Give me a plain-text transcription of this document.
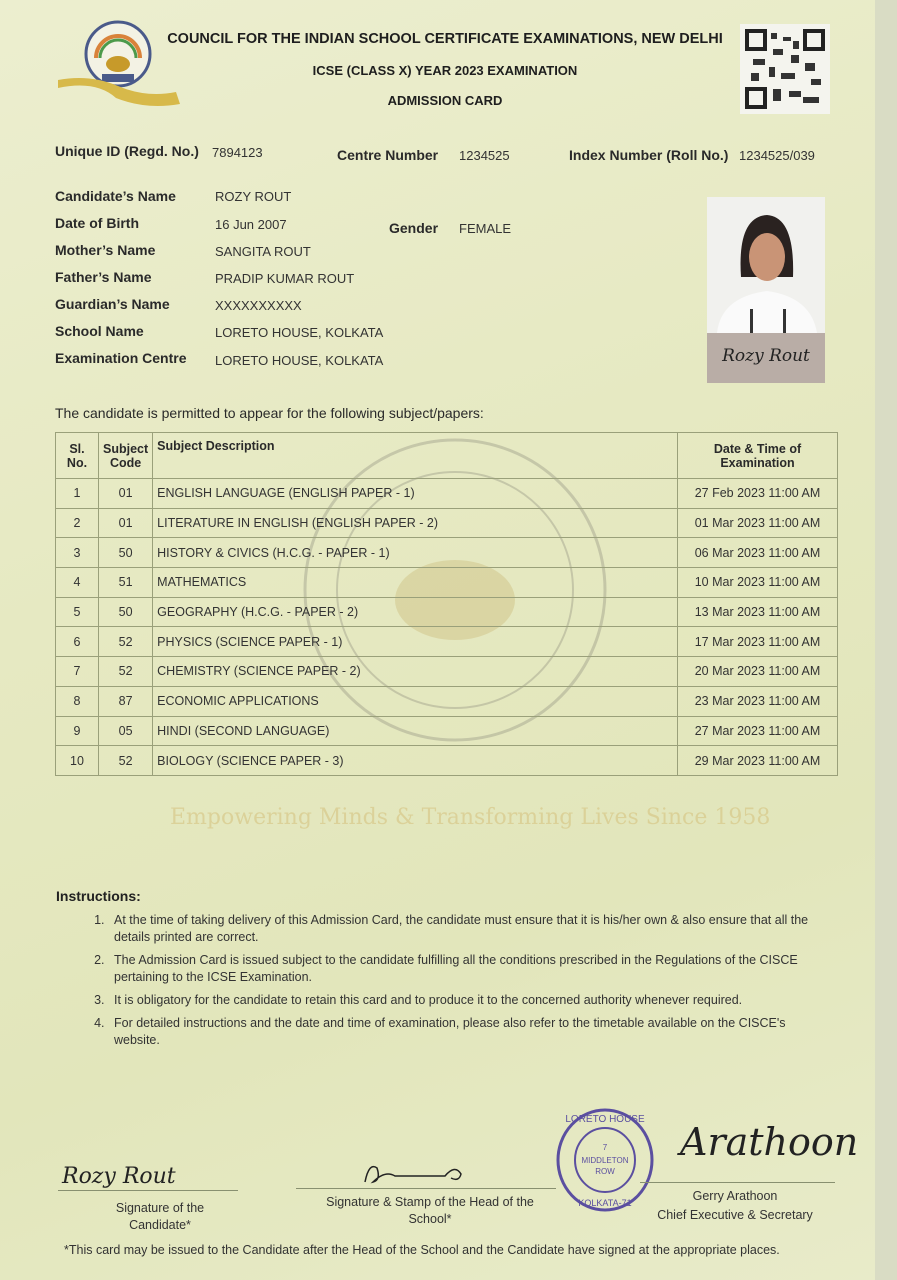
COUNCIL FOR THE INDIAN SCHOOL CERTIFICATE EXAMINATIONS, NEW DELHI
ICSE (CLASS X) YEAR 2023 EXAMINATION
ADMISSION CARD
Unique ID (Regd. No.) 7894123	Centre Number 1234525	Index Number (Roll No.) 1234525/039
Candidate’s Name	ROZY ROUT
Date of Birth	16 Jun 2007	Gender FEMALE
Mother’s Name	SANGITA ROUT
Father’s Name	PRADIP KUMAR ROUT
Guardian’s Name	XXXXXXXXXX
School Name	LORETO HOUSE, KOLKATA
Examination Centre LORETO HOUSE, KOLKATA	Rozy Rout
The candidate is permitted to appear for the following subject/papers:
Sl. No.	Subject Code	Subject Description	Date & Time of Examination
1	01	ENGLISH LANGUAGE (ENGLISH PAPER - 1)	27 Feb 2023 11:00 AM
2	01	LITERATURE IN ENGLISH (ENGLISH PAPER - 2)	01 Mar 2023 11:00 AM
3	50	HISTORY & CIVICS (H.C.G. - PAPER - 1)	06 Mar 2023 11:00 AM
4	51	MATHEMATICS	10 Mar 2023 11:00 AM
5	50	GEOGRAPHY (H.C.G. - PAPER - 2)	13 Mar 2023 11:00 AM
6	52	PHYSICS (SCIENCE PAPER - 1)	17 Mar 2023 11:00 AM
7	52	CHEMISTRY (SCIENCE PAPER - 2)	20 Mar 2023 11:00 AM
8	87	ECONOMIC APPLICATIONS	23 Mar 2023 11:00 AM
9	05	HINDI (SECOND LANGUAGE)	27 Mar 2023 11:00 AM
10	52	BIOLOGY (SCIENCE PAPER - 3)	29 Mar 2023 11:00 AM
Empowering Minds & Transforming Lives Since 1958
Instructions:
1. At the time of taking delivery of this Admission Card, the candidate must ensure that it is his/her own & also ensure that all the details printed are correct.
2. The Admission Card is issued subject to the candidate fulfilling all the conditions prescribed in the Regulations of the CISCE pertaining to the ICSE Examination.
3. It is obligatory for the candidate to retain this card and to produce it to the concerned authority whenever required.
4. For detailed instructions and the date and time of examination, please also refer to the timetable available on the CISCE's website.
Rozy Rout
Signature of the Candidate*
Signature & Stamp of the Head of the School*
7
MIDDLETON
ROW
LORETO HOUSE
KOLKATA-71
Arathoon
Gerry Arathoon
Chief Executive & Secretary
*This card may be issued to the Candidate after the Head of the School and the Candidate have signed at the appropriate places.
